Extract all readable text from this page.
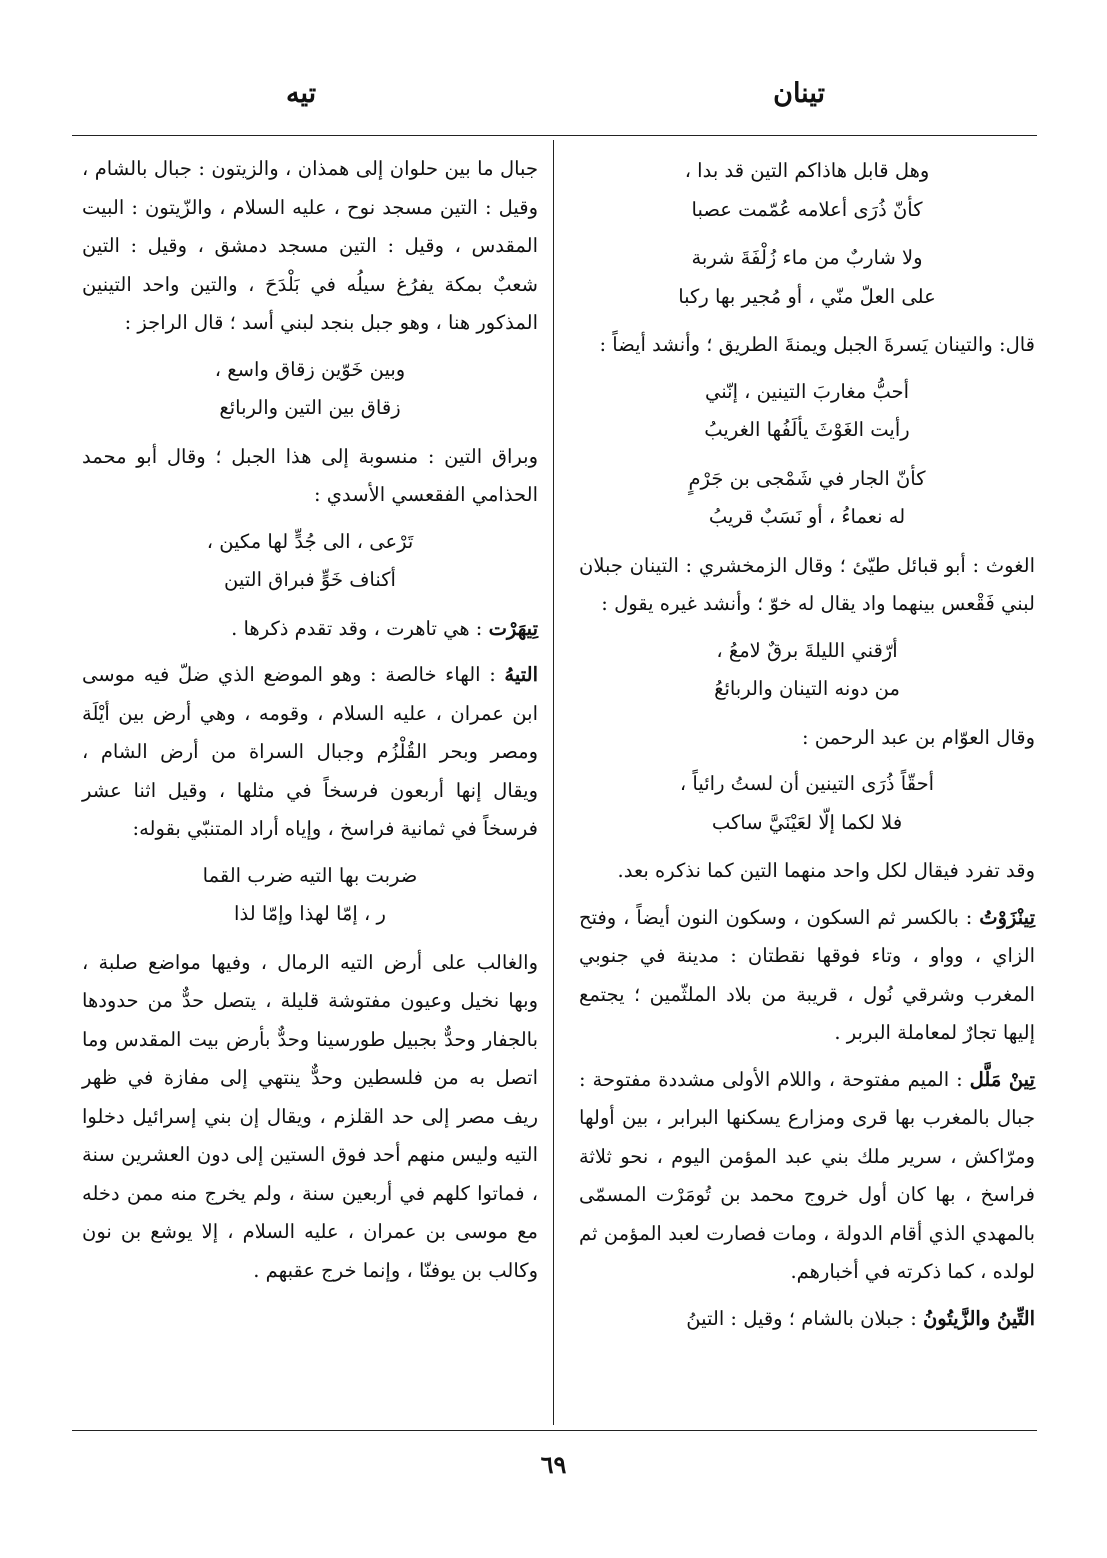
تينان
تيه
وهل قابل هاذاكم التين قد بدا ،
كأنّ ذُرَى أعلامه عُمّمت عصبا
ولا شاربٌ من ماء زُلْفَةَ شربة
على العلّ منّي ، أو مُجير بها ركبا

قال: والتينان يَسرةَ الجبل ويمنةَ الطريق ؛ وأنشد أيضاً :

أحبُّ مغاربَ التينين ، إنّني
رأيت الغَوْثَ يألَفُها الغريبُ
كأنّ الجار في شَمْجى بن جَرْمٍ
له نعماءُ ، أو نَسَبٌ قريبُ

الغوث : أبو قبائل طيّئ ؛ وقال الزمخشري : التينان جبلان لبني فَقْعس بينهما واد يقال له خوّ ؛ وأنشد غيره يقول :

أرّقني الليلةَ برقٌ لامعُ ،
من دونه التينان والربائعُ

وقال العوّام بن عبد الرحمن :

أحقّاً ذُرَى التينين أن لستُ رائياً ،
فلا لكما إلّا لعَيْنَيَّ ساكب

وقد تفرد فيقال لكل واحد منهما التين كما نذكره بعد.

تِينْزَوْتُ : بالكسر ثم السكون ، وسكون النون أيضاً ، وفتح الزاي ، وواو ، وتاء فوقها نقطتان : مدينة في جنوبي المغرب وشرقي نُول ، قريبة من بلاد الملثّمين ؛ يجتمع إليها تجارٌ لمعاملة البربر .

تِينْ مَلَّل : الميم مفتوحة ، واللام الأولى مشددة مفتوحة : جبال بالمغرب بها قرى ومزارع يسكنها البرابر ، بين أولها ومرّاكش ، سرير ملك بني عبد المؤمن اليوم ، نحو ثلاثة فراسخ ، بها كان أول خروج محمد بن تُومَرْت المسمّى بالمهدي الذي أقام الدولة ، ومات فصارت لعبد المؤمن ثم لولده ، كما ذكرته في أخبارهم.

التِّينُ والزَّيتُونُ : جبلان بالشام ؛ وقيل : التينُ

جبال ما بين حلوان إلى همذان ، والزيتون : جبال بالشام ، وقيل : التين مسجد نوح ، عليه السلام ، والزّيتون : البيت المقدس ، وقيل : التين مسجد دمشق ، وقيل : التين شعبٌ بمكة يفرُغ سيلُه في بَلْدَحَ ، والتين واحد التينين المذكور هنا ، وهو جبل بنجد لبني أسد ؛ قال الراجز :

وبين خَوّين زقاق واسع ،
زقاق بين التين والربائع

وبراق التين : منسوبة إلى هذا الجبل ؛ وقال أبو محمد الحذامي الفقعسي الأسدي :

تَرْعى ، الى جُدٍّ لها مكين ،
أكناف خَوٍّ فبراق التين

تِيهَرْت : هي تاهرت ، وقد تقدم ذكرها .

التيهُ : الهاء خالصة : وهو الموضع الذي ضلّ فيه موسى ابن عمران ، عليه السلام ، وقومه ، وهي أرض بين أيْلَة ومصر وبحر القُلْزُم وجبال السراة من أرض الشام ، ويقال إنها أربعون فرسخاً في مثلها ، وقيل اثنا عشر فرسخاً في ثمانية فراسخ ، وإياه أراد المتنبّي بقوله:

ضربت بها التيه ضرب القما
ر ، إمّا لهذا وإمّا لذا

والغالب على أرض التيه الرمال ، وفيها مواضع صلبة ، وبها نخيل وعيون مفتوشة قليلة ، يتصل حدٌّ من حدودها بالجفار وحدٌّ بجبيل طورسينا وحدٌّ بأرض بيت المقدس وما اتصل به من فلسطين وحدٌّ ينتهي إلى مفازة في ظهر ريف مصر إلى حد القلزم ، ويقال إن بني إسرائيل دخلوا التيه وليس منهم أحد فوق الستين إلى دون العشرين سنة ، فماتوا كلهم في أربعين سنة ، ولم يخرج منه ممن دخله مع موسى بن عمران ، عليه السلام ، إلا يوشع بن نون وكالب بن يوفنّا ، وإنما خرج عقبهم .

٦٩
